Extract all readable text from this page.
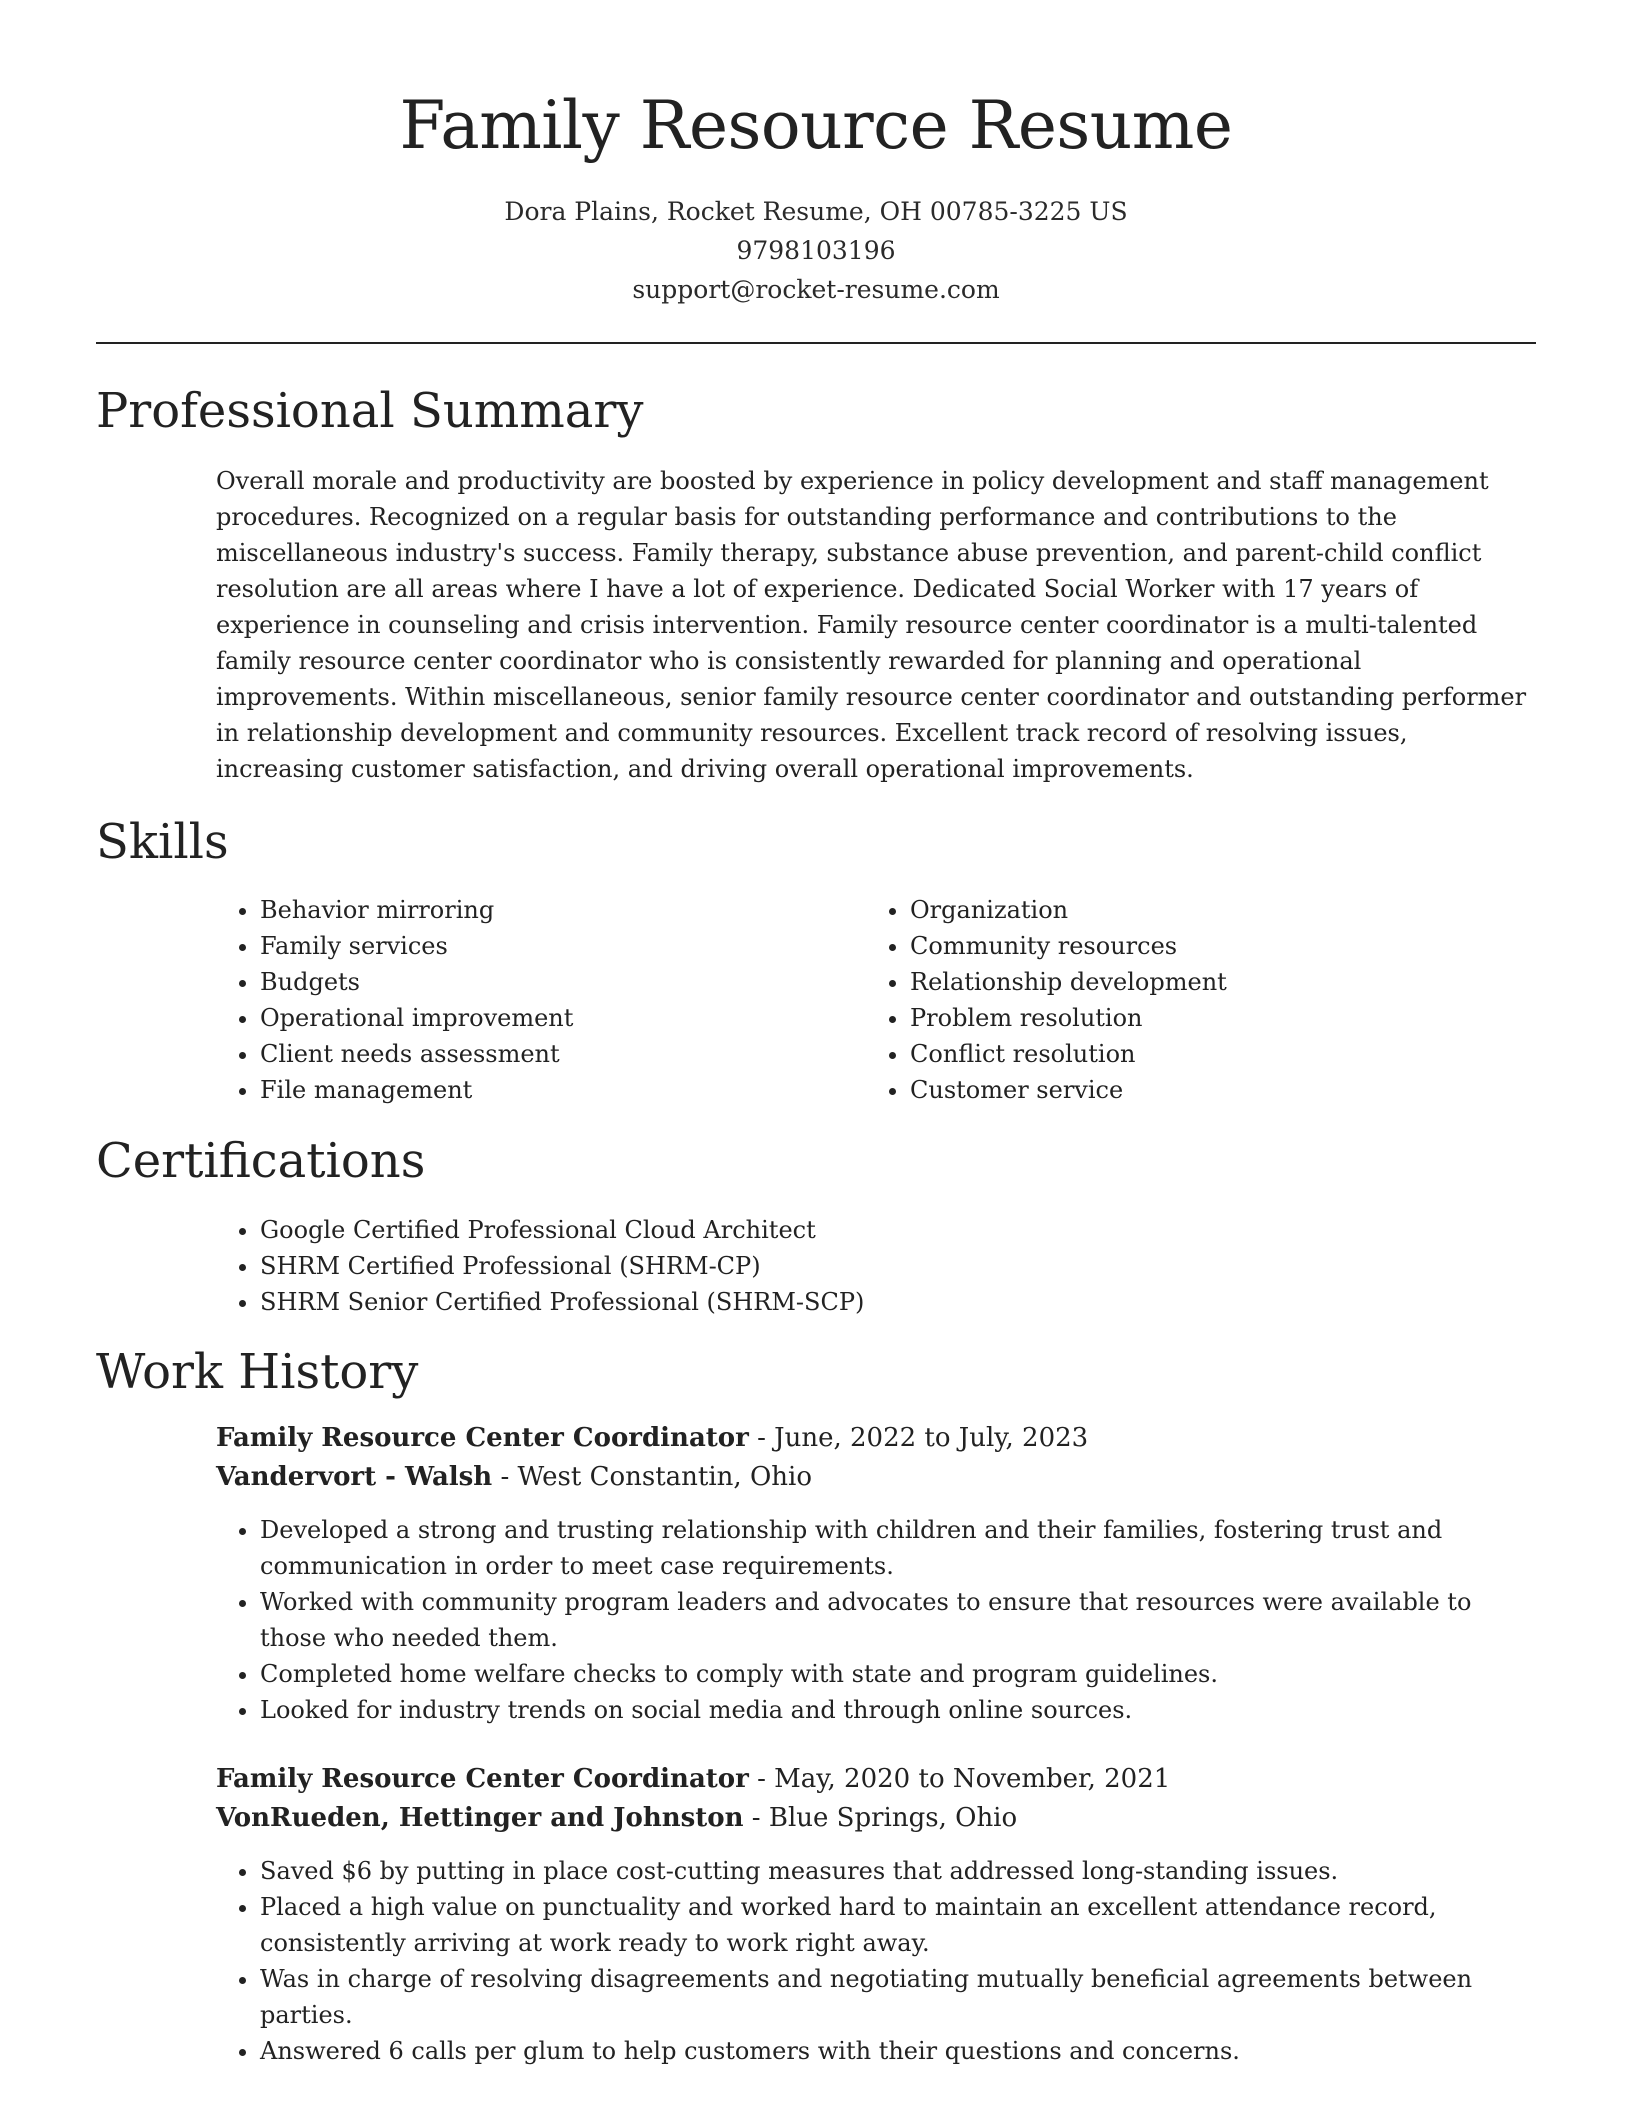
Family Resource Resume
Dora Plains, Rocket Resume, OH 00785-3225 US
9798103196
support@rocket-resume.com
Professional Summary

Overall morale and productivity are boosted by experience in policy development and staff management procedures. Recognized on a regular basis for outstanding performance and contributions to the miscellaneous industry's success. Family therapy, substance abuse prevention, and parent-child conflict resolution are all areas where I have a lot of experience. Dedicated Social Worker with 17 years of experience in counseling and crisis intervention. Family resource center coordinator is a multi-talented family resource center coordinator who is consistently rewarded for planning and operational improvements. Within miscellaneous, senior family resource center coordinator and outstanding performer in relationship development and community resources. Excellent track record of resolving issues, increasing customer satisfaction, and driving overall operational improvements.

Skills
• Behavior mirroring
• Family services
• Budgets
• Operational improvement
• Client needs assessment
• File management
• Organization
• Community resources
• Relationship development
• Problem resolution
• Conflict resolution
• Customer service
Certifications
• Google Certified Professional Cloud Architect
• SHRM Certified Professional (SHRM-CP)
• SHRM Senior Certified Professional (SHRM-SCP)
Work History
Family Resource Center Coordinator - June, 2022 to July, 2023
Vandervort - Walsh - West Constantin, Ohio
• Developed a strong and trusting relationship with children and their families, fostering trust and communication in order to meet case requirements.
• Worked with community program leaders and advocates to ensure that resources were available to those who needed them.
• Completed home welfare checks to comply with state and program guidelines.
• Looked for industry trends on social media and through online sources.
Family Resource Center Coordinator - May, 2020 to November, 2021
VonRueden, Hettinger and Johnston - Blue Springs, Ohio
• Saved $6 by putting in place cost-cutting measures that addressed long-standing issues.
• Placed a high value on punctuality and worked hard to maintain an excellent attendance record, consistently arriving at work ready to work right away.
• Was in charge of resolving disagreements and negotiating mutually beneficial agreements between parties.
• Answered 6 calls per glum to help customers with their questions and concerns.
